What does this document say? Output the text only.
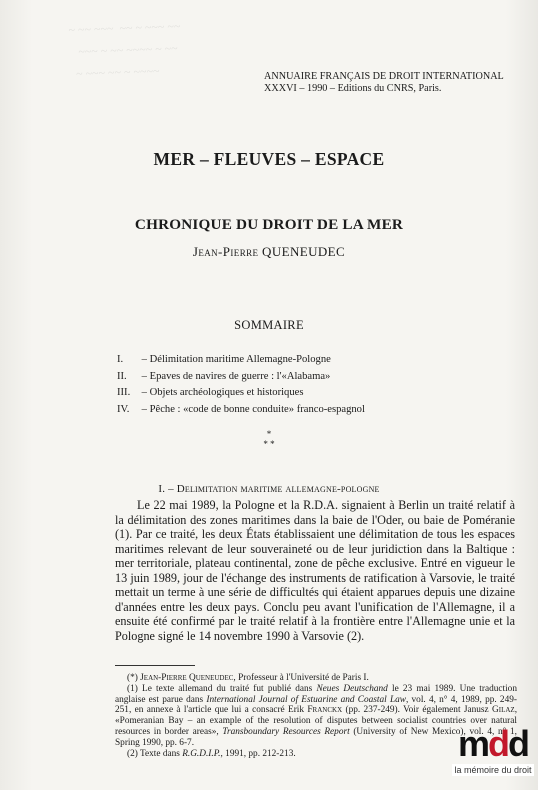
~ ~~ ~~~  ~~ ~ ~~~ ~~
~~~ ~ ~~ ~~~~ ~ ~~
~ ~~~ ~~ ~ ~~~~	ANNUAIRE FRANÇAIS DE DROIT INTERNATIONAL
XXXVI – 1990 – Editions du CNRS, Paris.
MER – FLEUVES – ESPACE
CHRONIQUE DU DROIT DE LA MER
Jean-Pierre QUENEUDEC
SOMMAIRE
I. – Délimitation maritime Allemagne-Pologne
II. – Epaves de navires de guerre : l'«Alabama»
III. – Objets archéologiques et historiques
IV. – Pêche : «code de bonne conduite» franco-espagnol
*
* *
I. – Delimitation maritime allemagne-pologne

Le 22 mai 1989, la Pologne et la R.D.A. signaient à Berlin un traité relatif à la délimitation des zones maritimes dans la baie de l'Oder, ou baie de Poméranie (1). Par ce traité, les deux États établissaient une délimitation de tous les espaces maritimes relevant de leur souveraineté ou de leur juridiction dans la Baltique : mer territoriale, plateau continental, zone de pêche exclusive. Entré en vigueur le 13 juin 1989, jour de l'échange des instruments de ratification à Varsovie, le traité mettait un terme à une série de difficultés qui étaient apparues depuis une dizaine d'années entre les deux pays. Conclu peu avant l'unification de l'Allemagne, il a ensuite été confirmé par le traité relatif à la frontière entre l'Allemagne unie et la Pologne signé le 14 novembre 1990 à Varsovie (2).

(*) Jean-Pierre Queneudec, Professeur à l'Université de Paris I.

(1) Le texte allemand du traité fut publié dans Neues Deutschand le 23 mai 1989. Une traduction anglaise est parue dans International Journal of Estuarine and Coastal Law, vol. 4, n° 4, 1989, pp. 249-251, en annexe à l'article que lui a consacré Erik Franckx (pp. 237-249). Voir également Janusz Gilaz, «Pomeranian Bay – an example of the resolution of disputes between socialist countries over natural resources in border areas», Transboundary Resources Report (University of New Mexico), vol. 4, n° 1, Spring 1990, pp. 6-7.

(2) Texte dans R.G.D.I.P., 1991, pp. 212-213.	mdd
la mémoire du droit
